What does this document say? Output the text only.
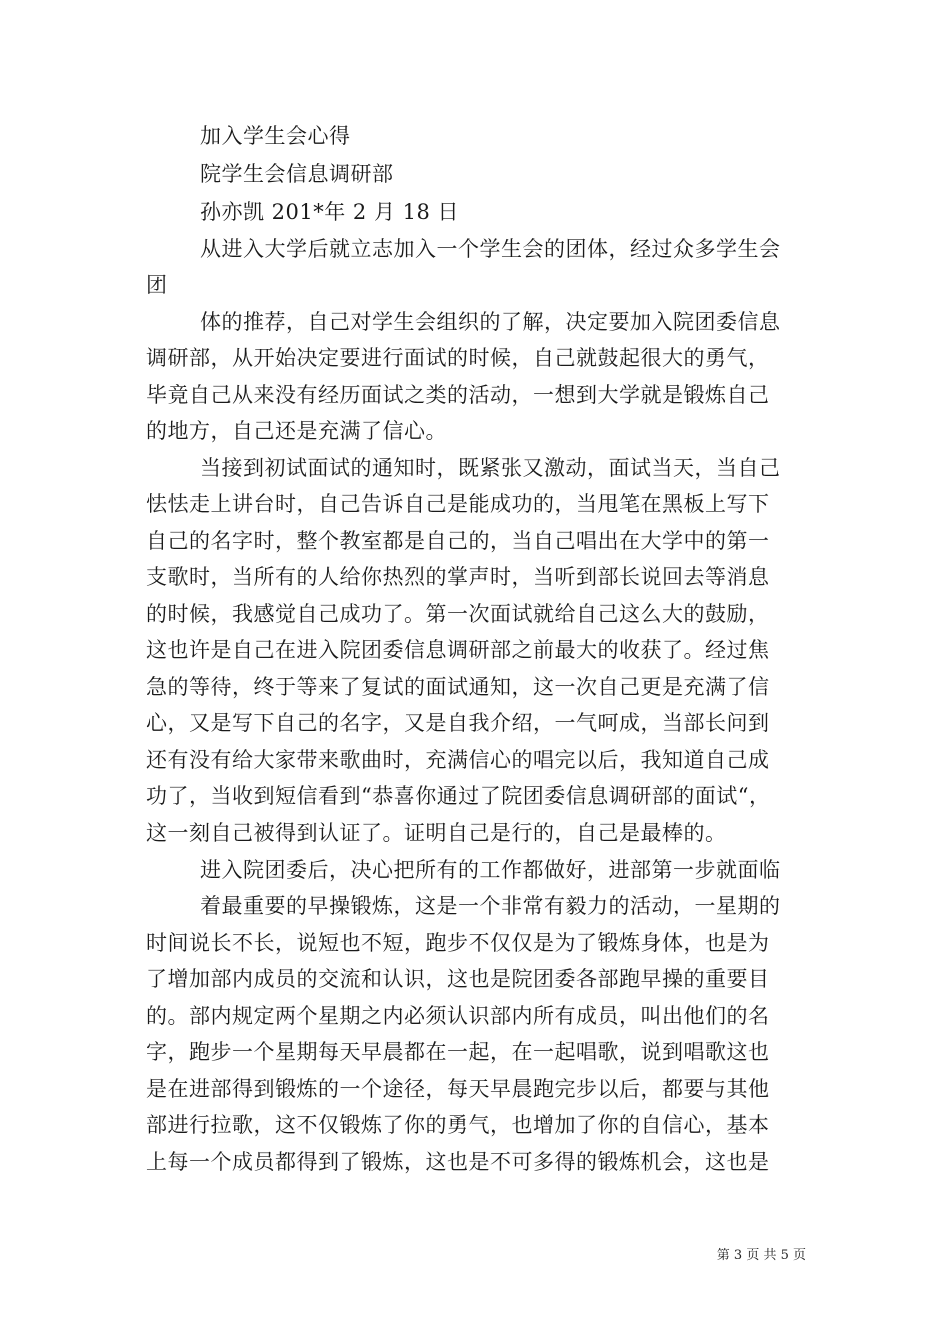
加入学生会心得
院学生会信息调研部
孙亦凯 201*年 2 月 18 日
从进入大学后就立志加入一个学生会的团体，经过众多学生会
团
体的推荐，自己对学生会组织的了解，决定要加入院团委信息
调研部，从开始决定要进行面试的时候，自己就鼓起很大的勇气，
毕竟自己从来没有经历面试之类的活动，一想到大学就是锻炼自己
的地方，自己还是充满了信心。
当接到初试面试的通知时，既紧张又激动，面试当天，当自己
怯怯走上讲台时，自己告诉自己是能成功的，当甩笔在黑板上写下
自己的名字时，整个教室都是自己的，当自己唱出在大学中的第一
支歌时，当所有的人给你热烈的掌声时，当听到部长说回去等消息
的时候，我感觉自己成功了。第一次面试就给自己这么大的鼓励，
这也许是自己在进入院团委信息调研部之前最大的收获了。经过焦
急的等待，终于等来了复试的面试通知，这一次自己更是充满了信
心，又是写下自己的名字，又是自我介绍，一气呵成，当部长问到
还有没有给大家带来歌曲时，充满信心的唱完以后，我知道自己成
功了，当收到短信看到“恭喜你通过了院团委信息调研部的面试“，
这一刻自己被得到认证了。证明自己是行的，自己是最棒的。
进入院团委后，决心把所有的工作都做好，进部第一步就面临
着最重要的早操锻炼，这是一个非常有毅力的活动，一星期的
时间说长不长，说短也不短，跑步不仅仅是为了锻炼身体，也是为
了增加部内成员的交流和认识，这也是院团委各部跑早操的重要目
的。部内规定两个星期之内必须认识部内所有成员，叫出他们的名
字，跑步一个星期每天早晨都在一起，在一起唱歌，说到唱歌这也
是在进部得到锻炼的一个途径，每天早晨跑完步以后，都要与其他
部进行拉歌，这不仅锻炼了你的勇气，也增加了你的自信心，基本
上每一个成员都得到了锻炼，这也是不可多得的锻炼机会，这也是
第 3 页 共 5 页
